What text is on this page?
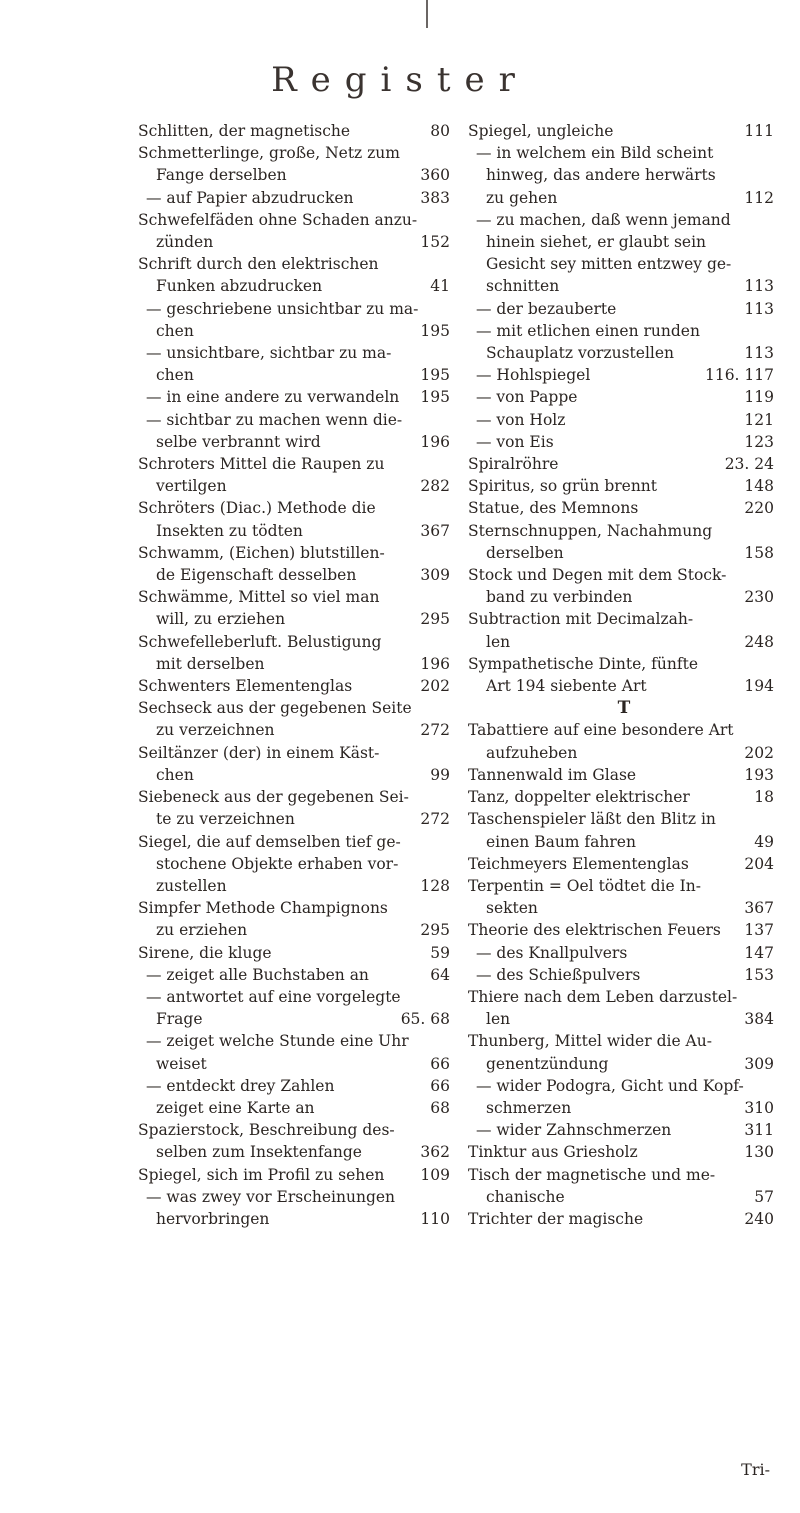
Register
80
Schlitten, der magnetische
Schmetterlinge, große, Netz zum
360
Fange derselben
383
— auf Papier abzudrucken
Schwefelfäden ohne Schaden anzu-
152
zünden
Schrift durch den elektrischen
41
Funken abzudrucken
— geschriebene unsichtbar zu ma-
195
chen
— unsichtbare, sichtbar zu ma-
195
chen
195
— in eine andere zu verwandeln
— sichtbar zu machen wenn die-
196
selbe verbrannt wird
Schroters Mittel die Raupen zu
282
vertilgen
Schröters (Diac.) Methode die
367
Insekten zu tödten
Schwamm, (Eichen) blutstillen-
309
de Eigenschaft desselben
Schwämme, Mittel so viel man
295
will, zu erziehen
Schwefelleberluft. Belustigung
196
mit derselben
202
Schwenters Elementenglas
Sechseck aus der gegebenen Seite
272
zu verzeichnen
Seiltänzer (der) in einem Käst-
99
chen
Siebeneck aus der gegebenen Sei-
272
te zu verzeichnen
Siegel, die auf demselben tief ge-
stochene Objekte erhaben vor-
128
zustellen
Simpfer Methode Champignons
295
zu erziehen
59
Sirene, die kluge
64
— zeiget alle Buchstaben an
— antwortet auf eine vorgelegte
65. 68
Frage
— zeiget welche Stunde eine Uhr
66
weiset
66
— entdeckt drey Zahlen
68
zeiget eine Karte an
Spazierstock, Beschreibung des-
362
selben zum Insektenfange
109
Spiegel, sich im Profil zu sehen
— was zwey vor Erscheinungen
110
hervorbringen
111
Spiegel, ungleiche
— in welchem ein Bild scheint
hinweg, das andere herwärts
112
zu gehen
— zu machen, daß wenn jemand
hinein siehet, er glaubt sein
Gesicht sey mitten entzwey ge-
113
schnitten
113
— der bezauberte
— mit etlichen einen runden
113
Schauplatz vorzustellen
116. 117
— Hohlspiegel
119
— von Pappe
121
— von Holz
123
— von Eis
23. 24
Spiralröhre
148
Spiritus, so grün brennt
220
Statue, des Memnons
Sternschnuppen, Nachahmung
158
derselben
Stock und Degen mit dem Stock-
230
band zu verbinden
Subtraction mit Decimalzah-
248
len
Sympathetische Dinte, fünfte
194
Art 194 siebente Art
T
Tabattiere auf eine besondere Art
202
aufzuheben
193
Tannenwald im Glase
18
Tanz, doppelter elektrischer
Taschenspieler läßt den Blitz in
49
einen Baum fahren
204
Teichmeyers Elementenglas
Terpentin = Oel tödtet die In-
367
sekten
137
Theorie des elektrischen Feuers
147
— des Knallpulvers
153
— des Schießpulvers
Thiere nach dem Leben darzustel-
384
len
Thunberg, Mittel wider die Au-
309
genentzündung
— wider Podogra, Gicht und Kopf-
310
schmerzen
311
— wider Zahnschmerzen
130
Tinktur aus Griesholz
Tisch der magnetische und me-
57
chanische
240
Trichter der magische
Tri-
